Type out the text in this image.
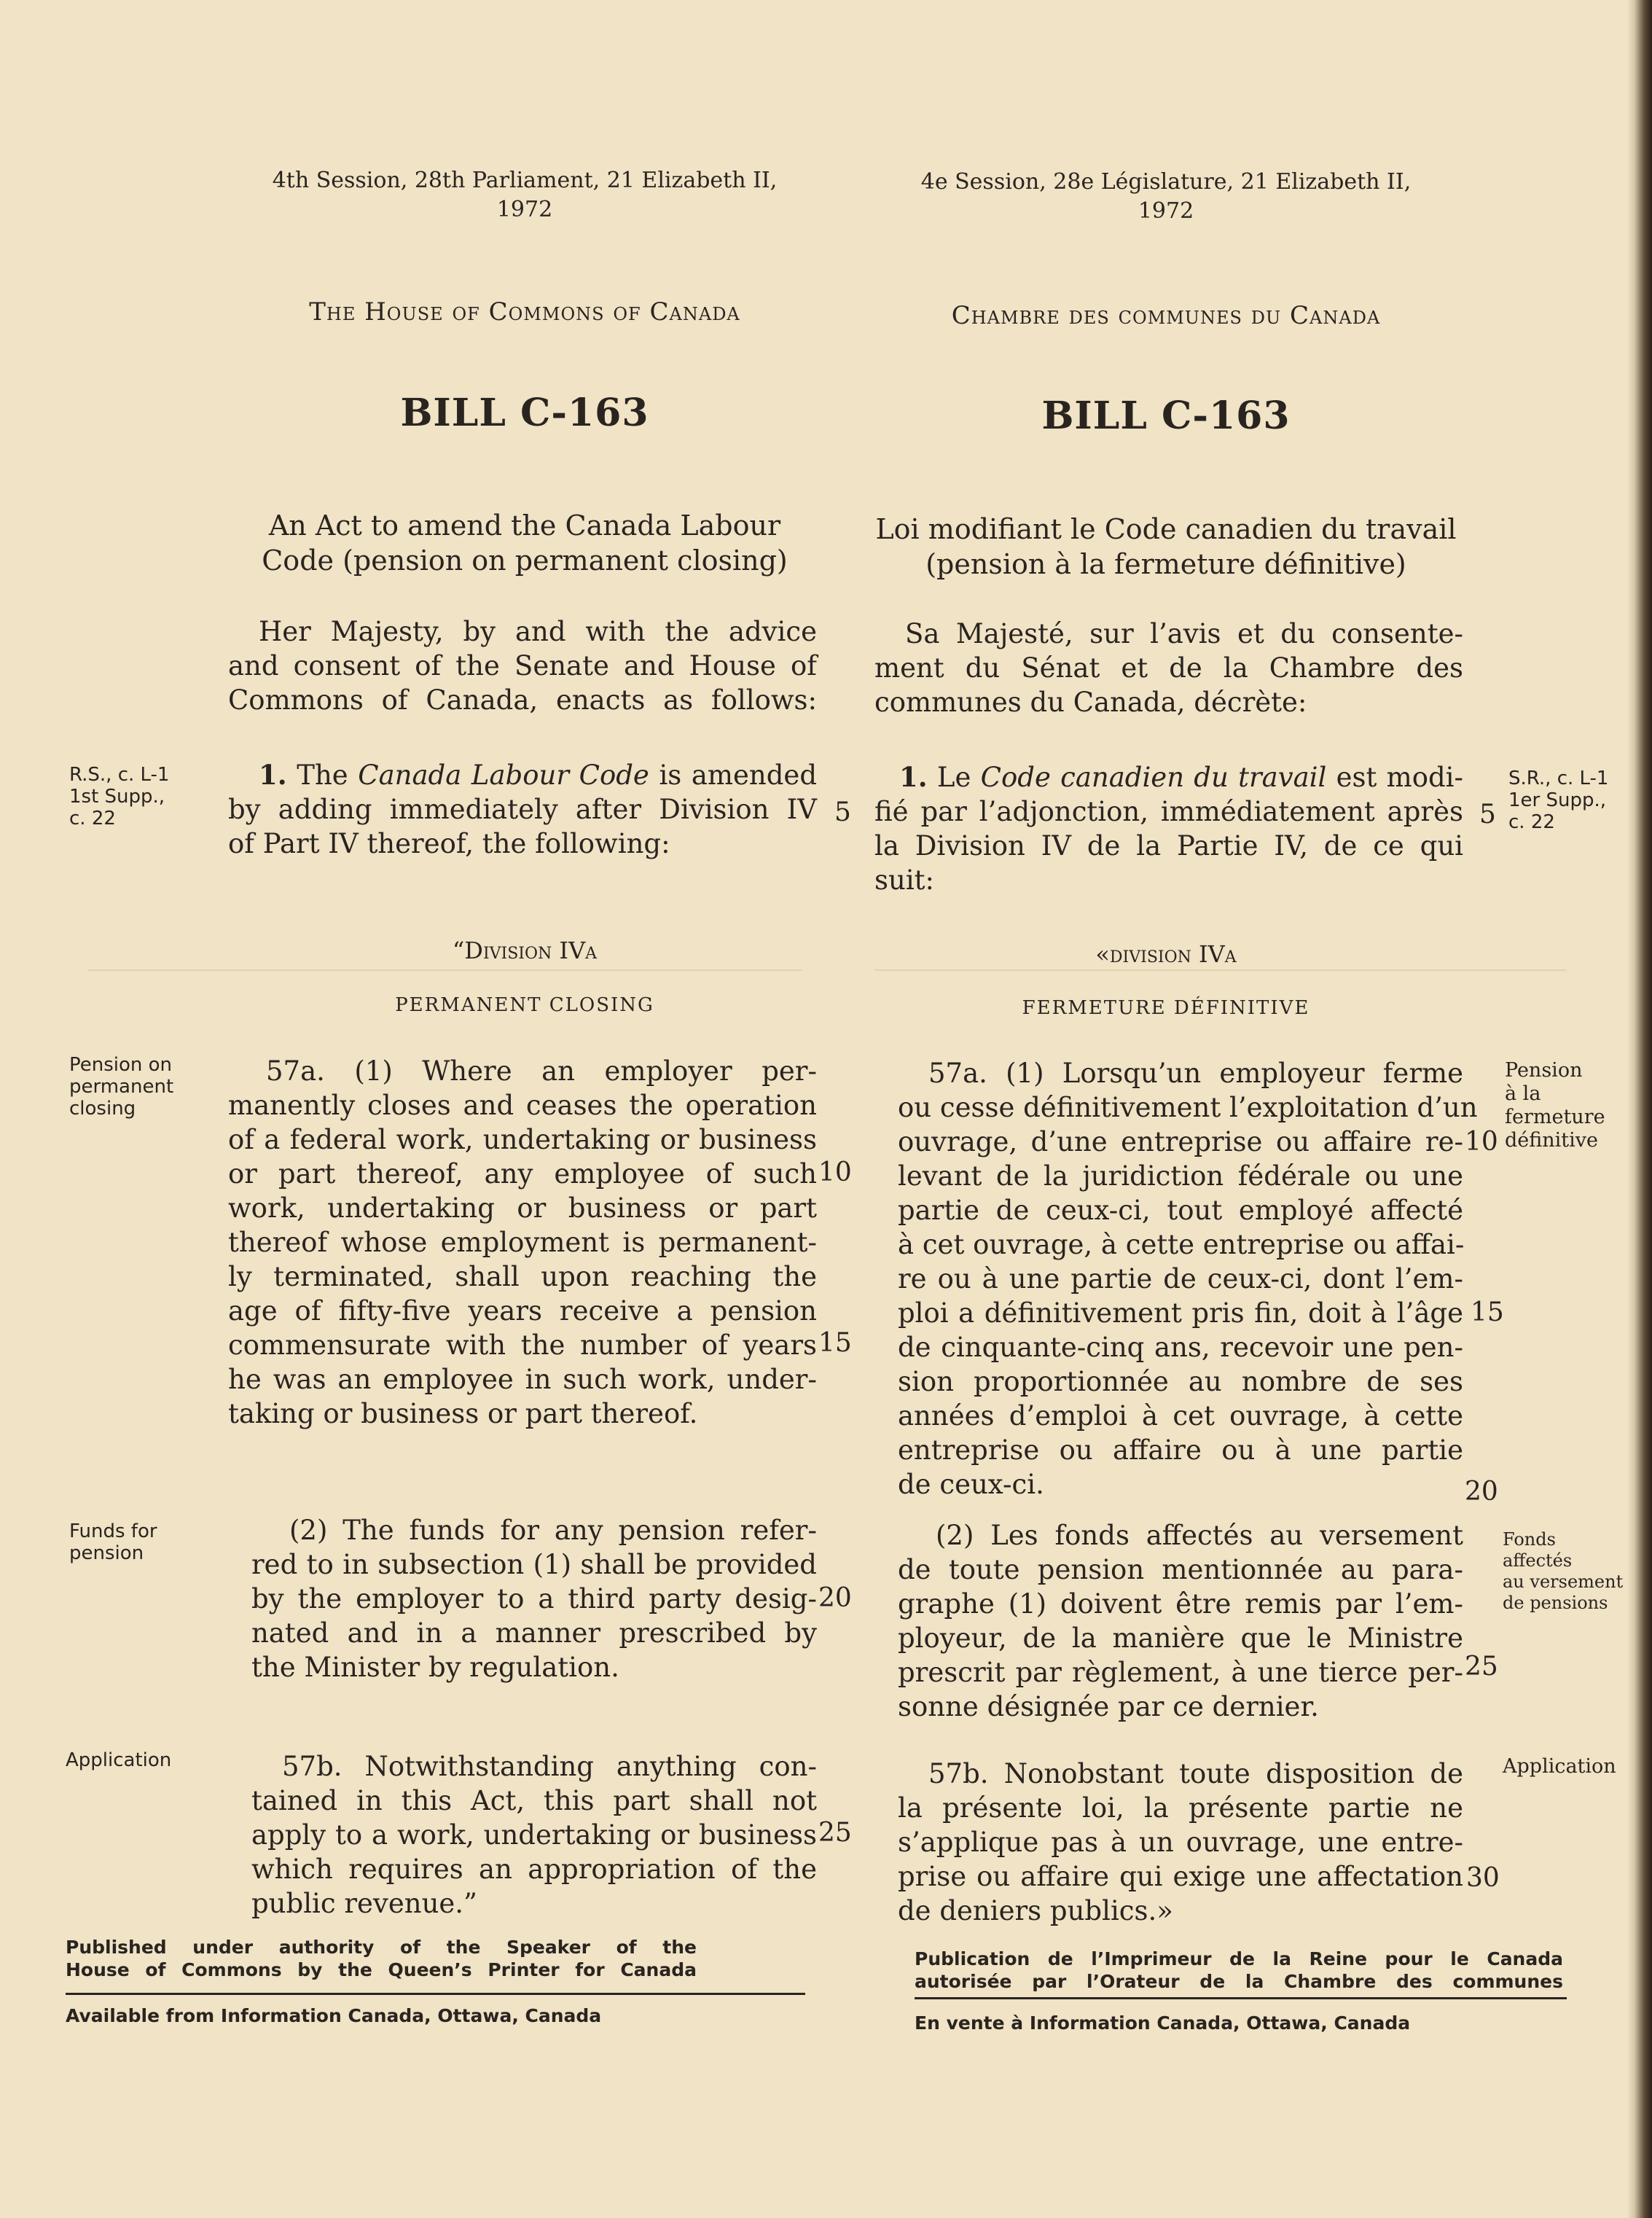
4th Session, 28th Parliament, 21 Elizabeth II,
1972
The House of Commons of Canada
BILL C-163
An Act to amend the Canada Labour
Code (pension on permanent closing)
Her Majesty, by and with the advice
and consent of the Senate and House of
Commons of Canada, enacts as follows:
R.S., c. L-1
1st Supp.,
c. 22
1. The Canada Labour Code is amended
by adding immediately after Division IV
of Part IV thereof, the following:
5
“Division IVa
PERMANENT CLOSING
Pension on
permanent
closing
57a. (1) Where an employer per-
manently closes and ceases the operation
of a federal work, undertaking or business
or part thereof, any employee of such
work, undertaking or business or part
thereof whose employment is permanent-
ly terminated, shall upon reaching the
age of fifty-five years receive a pension
commensurate with the number of years
he was an employee in such work, under-
taking or business or part thereof.
10
15
Funds for
pension
(2) The funds for any pension refer-
red to in subsection (1) shall be provided
by the employer to a third party desig-
nated and in a manner prescribed by
the Minister by regulation.
20
Application	57b. Notwithstanding anything con-
tained in this Act, this part shall not
apply to a work, undertaking or business
which requires an appropriation of the
public revenue.”
25
Published under authority of the Speaker of the
House of Commons by the Queen’s Printer for Canada
Available from Information Canada, Ottawa, Canada
4e Session, 28e Législature, 21 Elizabeth II,
1972
Chambre des communes du Canada
BILL C-163
Loi modifiant le Code canadien du travail
(pension à la fermeture définitive)
Sa Majesté, sur l’avis et du consente-
ment du Sénat et de la Chambre des
communes du Canada, décrète:
1. Le Code canadien du travail est modi-
fié par l’adjonction, immédiatement après
la Division IV de la Partie IV, de ce qui
suit:
5
S.R., c. L-1
1er Supp.,
c. 22
«division IVa
FERMETURE DÉFINITIVE
57a. (1) Lorsqu’un employeur ferme
ou cesse définitivement l’exploitation d’un
ouvrage, d’une entreprise ou affaire re-
levant de la juridiction fédérale ou une
partie de ceux-ci, tout employé affecté
à cet ouvrage, à cette entreprise ou affai-
re ou à une partie de ceux-ci, dont l’em-
ploi a définitivement pris fin, doit à l’âge
de cinquante-cinq ans, recevoir une pen-
sion proportionnée au nombre de ses
années d’emploi à cet ouvrage, à cette
entreprise ou affaire ou à une partie
de ceux-ci.
10
15
20
Pension
à la
fermeture
définitive
(2) Les fonds affectés au versement
de toute pension mentionnée au para-
graphe (1) doivent être remis par l’em-
ployeur, de la manière que le Ministre
prescrit par règlement, à une tierce per-
sonne désignée par ce dernier.
25
Fonds
affectés
au versement
de pensions
57b. Nonobstant toute disposition de
la présente loi, la présente partie ne
s’applique pas à un ouvrage, une entre-
prise ou affaire qui exige une affectation
de deniers publics.»
30
Application
Publication de l’Imprimeur de la Reine pour le Canada
autorisée par l’Orateur de la Chambre des communes
En vente à Information Canada, Ottawa, Canada
